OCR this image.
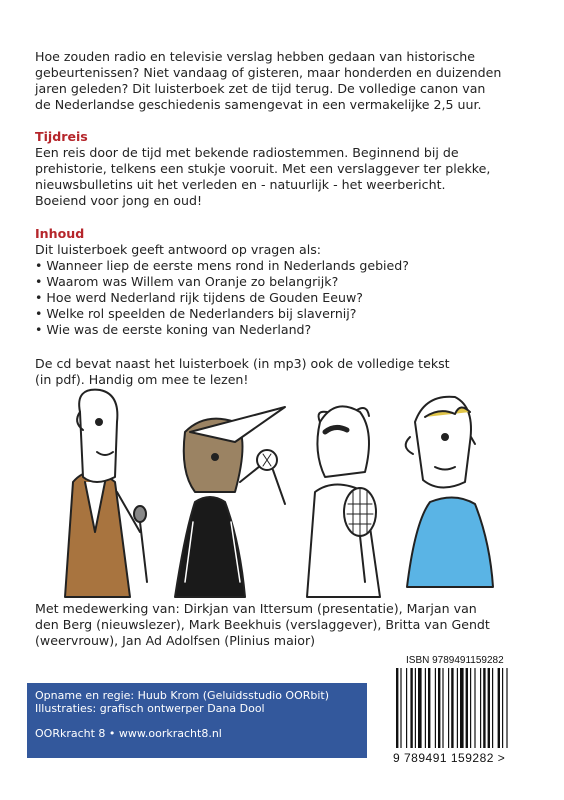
Hoe zouden radio en televisie verslag hebben gedaan van historische

gebeurtenissen? Niet vandaag of gisteren, maar honderden en duizenden

jaren geleden? Dit luisterboek zet de tijd terug. De volledige canon van

de Nederlandse geschiedenis samengevat in een vermakelijke 2,5 uur.

Tijdreis

Een reis door de tijd met bekende radiostemmen. Beginnend bij de

prehistorie, telkens een stukje vooruit. Met een verslaggever ter plekke,

nieuwsbulletins uit het verleden en - natuurlijk - het weerbericht.

Boeiend voor jong en oud!

Inhoud

Dit luisterboek geeft antwoord op vragen als:

• Wanneer liep de eerste mens rond in Nederlands gebied?

• Waarom was Willem van Oranje zo belangrijk?

• Hoe werd Nederland rijk tijdens de Gouden Eeuw?

• Welke rol speelden de Nederlanders bij slavernij?

• Wie was de eerste koning van Nederland?

De cd bevat naast het luisterboek (in mp3) ook de volledige tekst

(in pdf). Handig om mee te lezen!

Met medewerking van: Dirkjan van Ittersum (presentatie), Marjan van

den Berg (nieuwslezer), Mark Beekhuis (verslaggever), Britta van Gendt

(weervrouw), Jan Ad Adolfsen (Plinius maior)

Opname en regie: Huub Krom (Geluidsstudio OORbit)

Illustraties: grafisch ontwerper Dana Dool

OORkracht 8 • www.oorkracht8.nl

ISBN 9789491159282
9 789491 159282 >
